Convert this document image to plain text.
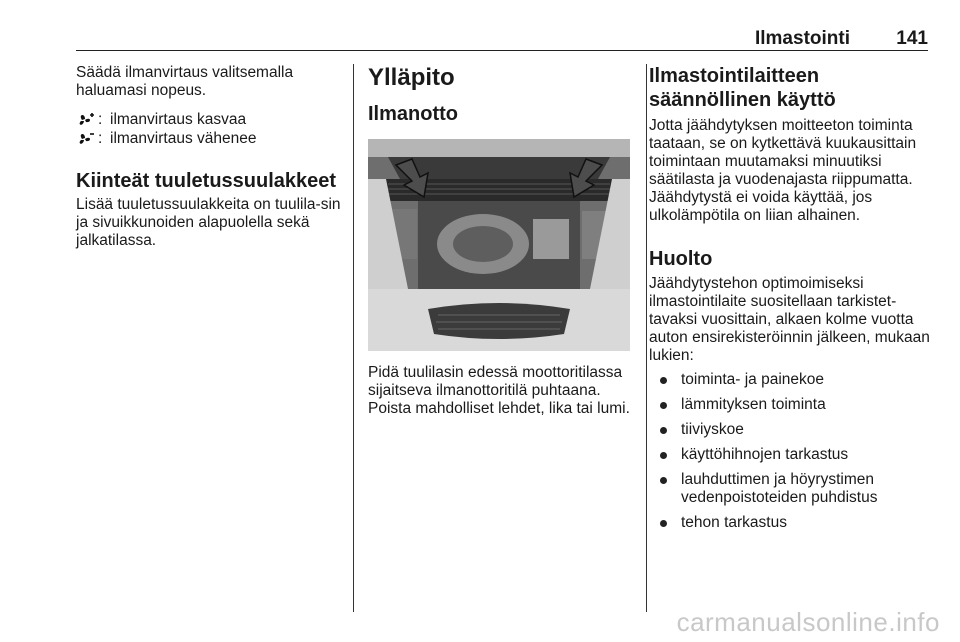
Ilmastointi 141

Säädä ilmanvirtaus valitsemalla haluamasi nopeus.

: ilmanvirtaus kasvaa
: ilmanvirtaus vähenee

Kiinteät tuuletussuulakkeet

Lisää tuuletussuulakkeita on tuulila-sin ja sivuikkunoiden alapuolella sekä jalkatilassa.

Ylläpito

Ilmanotto

Pidä tuulilasin edessä moottoritilassa sijaitseva ilmanottoritilä puhtaana. Poista mahdolliset lehdet, lika tai lumi.

Ilmastointilaitteen

säännöllinen käyttö

Jotta jäähdytyksen moitteeton toiminta taataan, se on kytkettävä kuukausittain toimintaan muutamaksi minuutiksi säätilasta ja vuodenajasta riippumatta. Jäähdytystä ei voida käyttää, jos ulkolämpötila on liian alhainen.

Huolto

Jäähdytystehon optimoimiseksi ilmastointilaite suositellaan tarkistet-tavaksi vuosittain, alkaen kolme vuotta auton ensirekisteröinnin jälkeen, mukaan lukien:

toiminta- ja painekoe
lämmityksen toiminta
tiiviyskoe
käyttöhihnojen tarkastus
lauhduttimen ja höyrystimen vedenpoistoteiden puhdistus
tehon tarkastus
carmanualsonline.info
